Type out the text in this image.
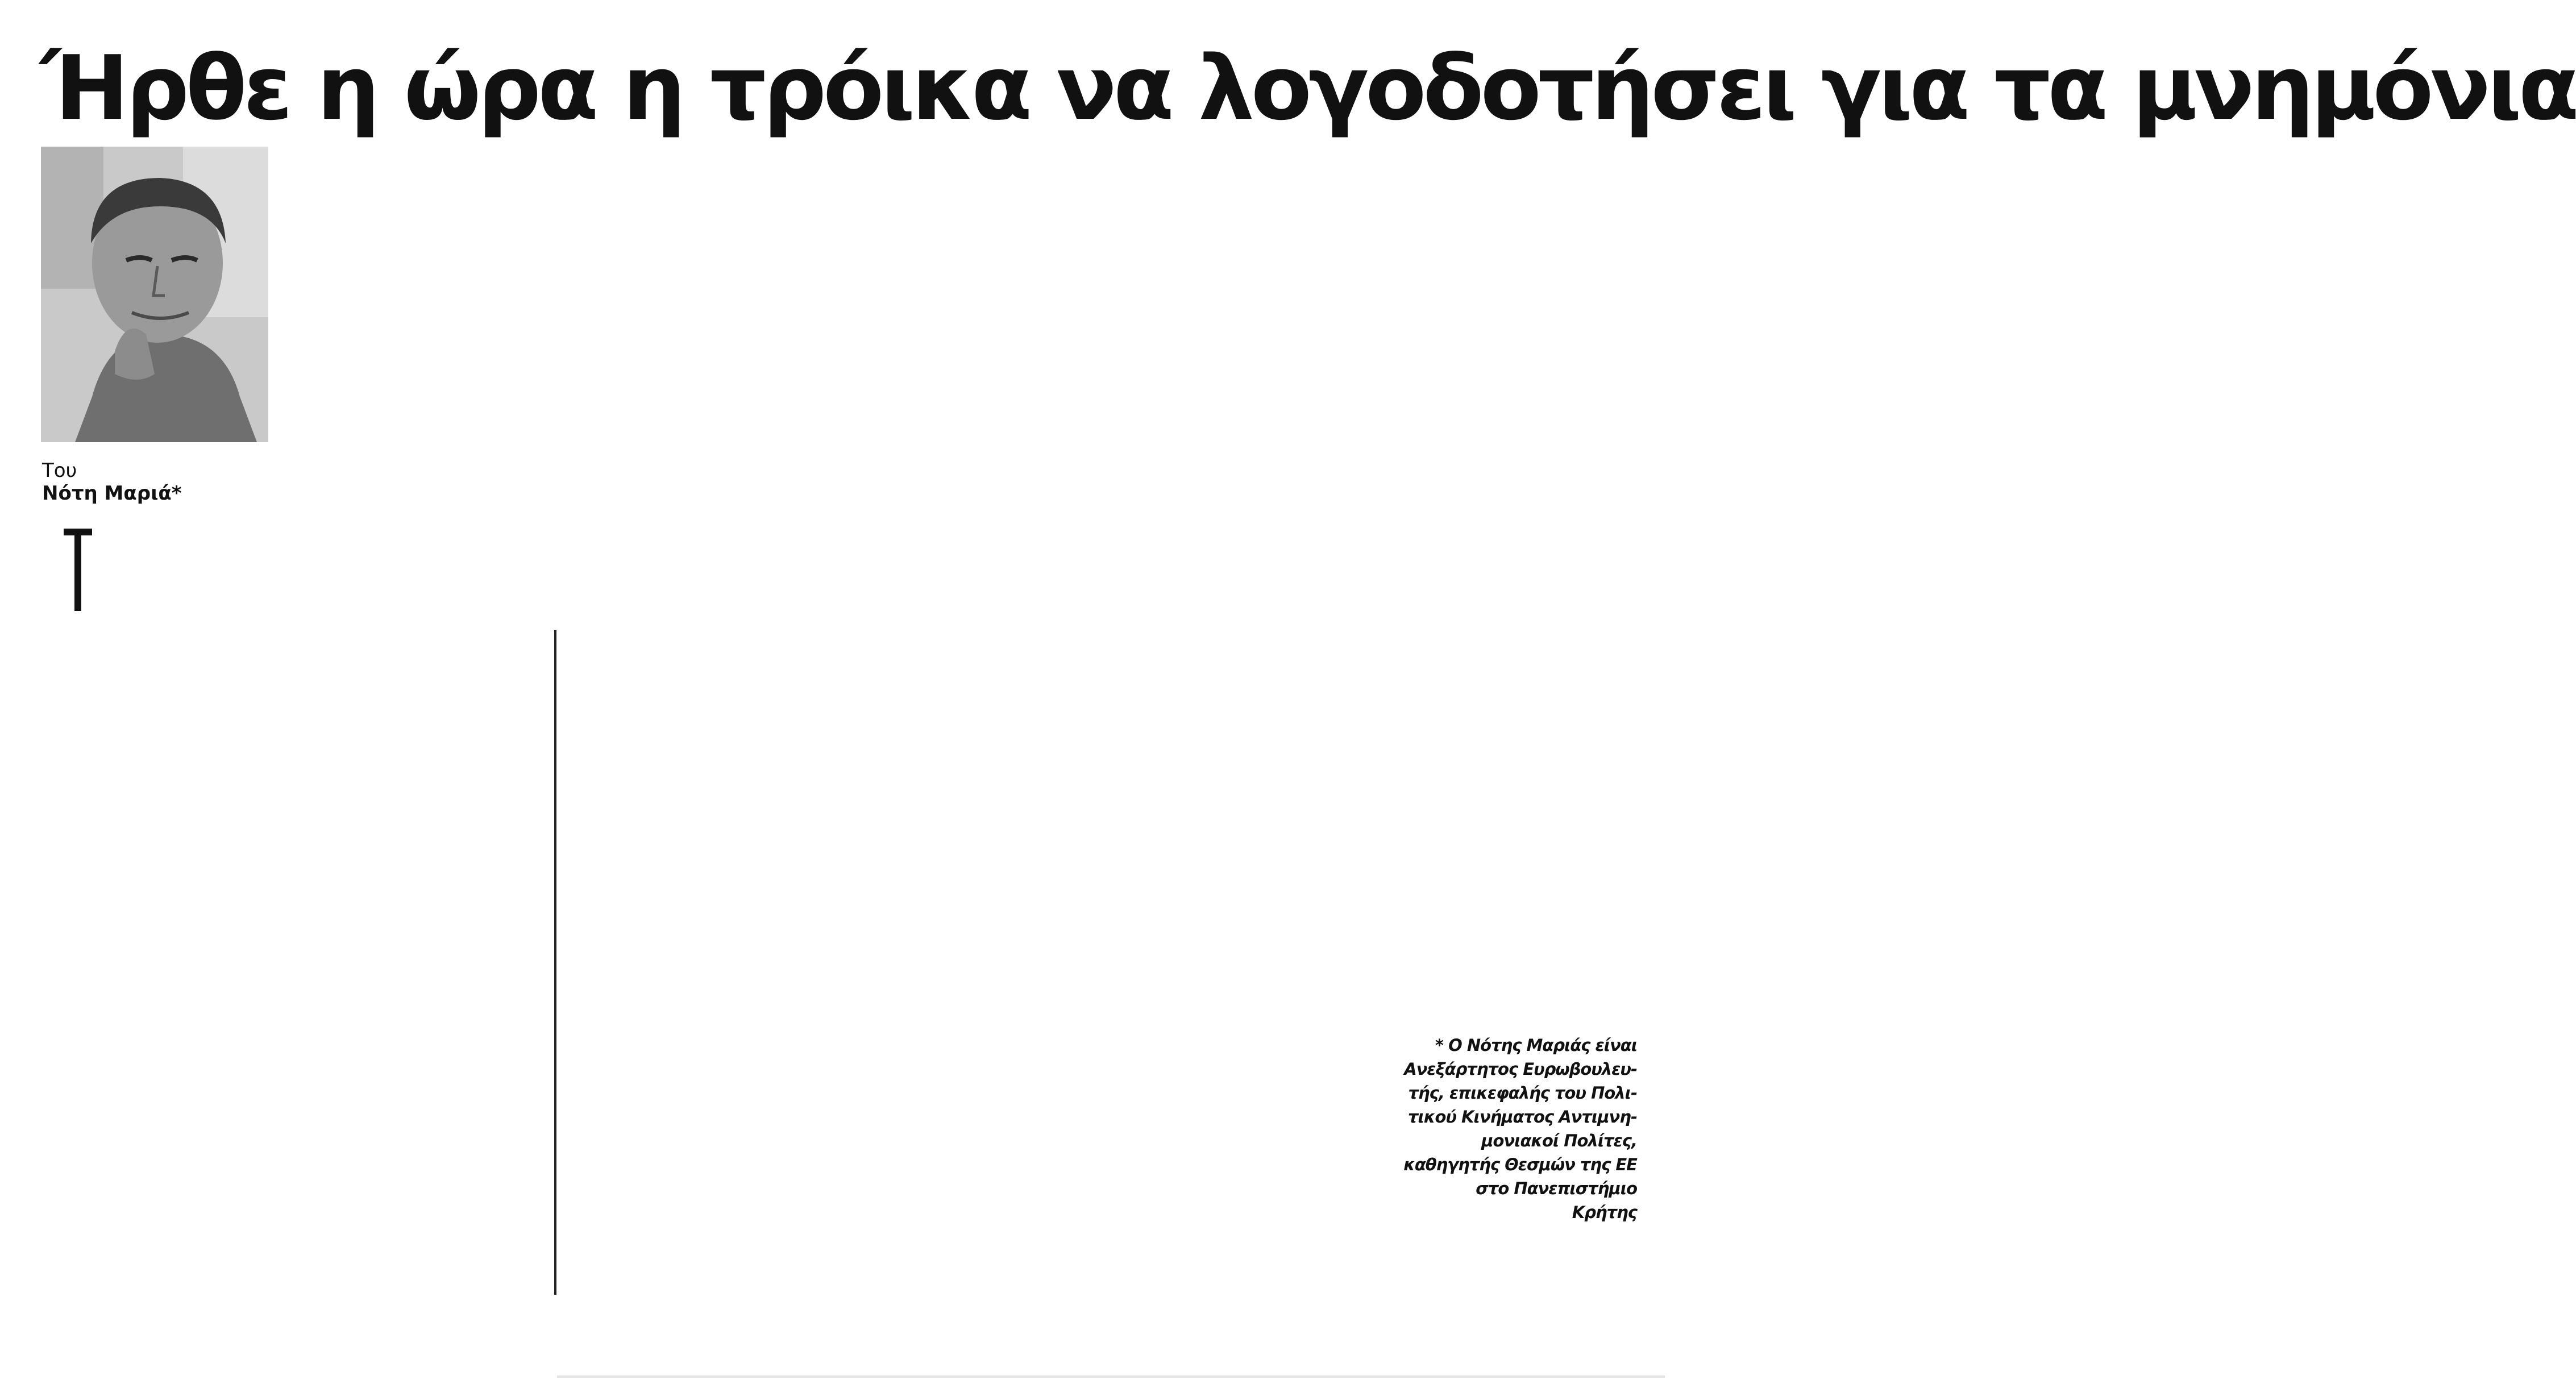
Ήρθε η ώρα η τρόικα να λογοδοτήσει για τα μνημόνια
Του
Νότη Μαριά*
* Ο Νότης Μαριάς είναι
Ανεξάρτητος Ευρωβουλευ-
τής, επικεφαλής του Πολι-
τικού Κινήματος Αντιμνη-
μονιακοί Πολίτες,
καθηγητής Θεσμών της ΕΕ
στο Πανεπιστήμιο
Κρήτης
